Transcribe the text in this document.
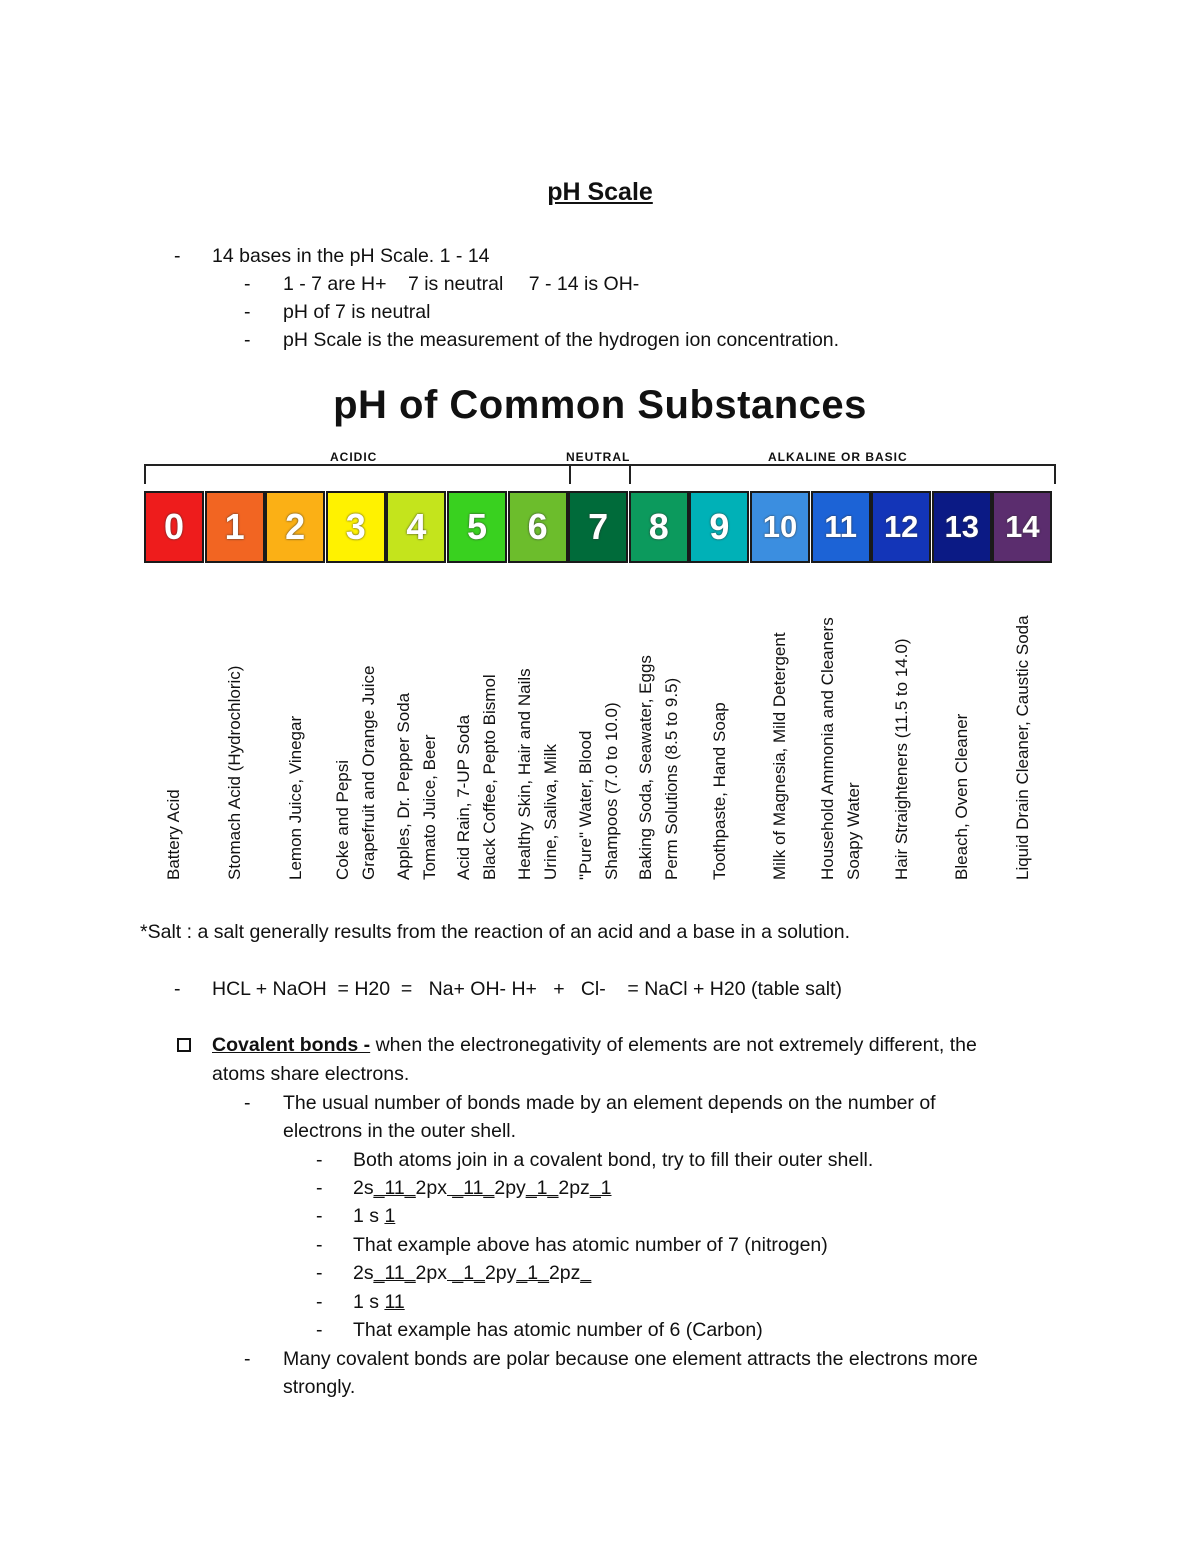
pH Scale
- 14 bases in the pH Scale. 1 - 14
- 1 - 7 are H+ 7 is neutral 7 - 14 is OH-
- pH of 7 is neutral
- pH Scale is the measurement of the hydrogen ion concentration.
pH of Common Substances
ACIDIC	NEUTRAL	ALKALINE OR BASIC
0
Battery Acid
1
Stomach Acid (Hydrochloric)
2
Lemon Juice, Vinegar
3
Coke and Pepsi Grapefruit and Orange Juice
4
Apples, Dr. Pepper Soda Tomato Juice, Beer
5
Acid Rain, 7-UP Soda Black Coffee, Pepto Bismol
6
Healthy Skin, Hair and Nails Urine, Saliva, Milk
7
"Pure" Water, Blood Shampoos (7.0 to 10.0)
8
Baking Soda, Seawater, Eggs Perm Solutions (8.5 to 9.5)
9
Toothpaste, Hand Soap
10
Milk of Magnesia, Mild Detergent
11
Household Ammonia and Cleaners Soapy Water
12
Hair Straighteners (11.5 to 14.0)
13
Bleach, Oven Cleaner
14
Liquid Drain Cleaner, Caustic Soda
*Salt : a salt generally results from the reaction of an acid and a base in a solution.
- HCL + NaOH  = H20  =   Na+ OH- H+   +   Cl-    = NaCl + H20 (table salt)
Covalent bonds - when the electronegativity of elements are not extremely different, the
atoms share electrons.
- The usual number of bonds made by an element depends on the number of
electrons in the outer shell.
- Both atoms join in a covalent bond, try to fill their outer shell.
- 2s_11_2px _11_2py_1_2pz_1
- 1 s 1
- That example above has atomic number of 7 (nitrogen)
- 2s_11_2px _1_2py_1_2pz_
- 1 s 11
- That example has atomic number of 6 (Carbon)
- Many covalent bonds are polar because one element attracts the electrons more
strongly.
